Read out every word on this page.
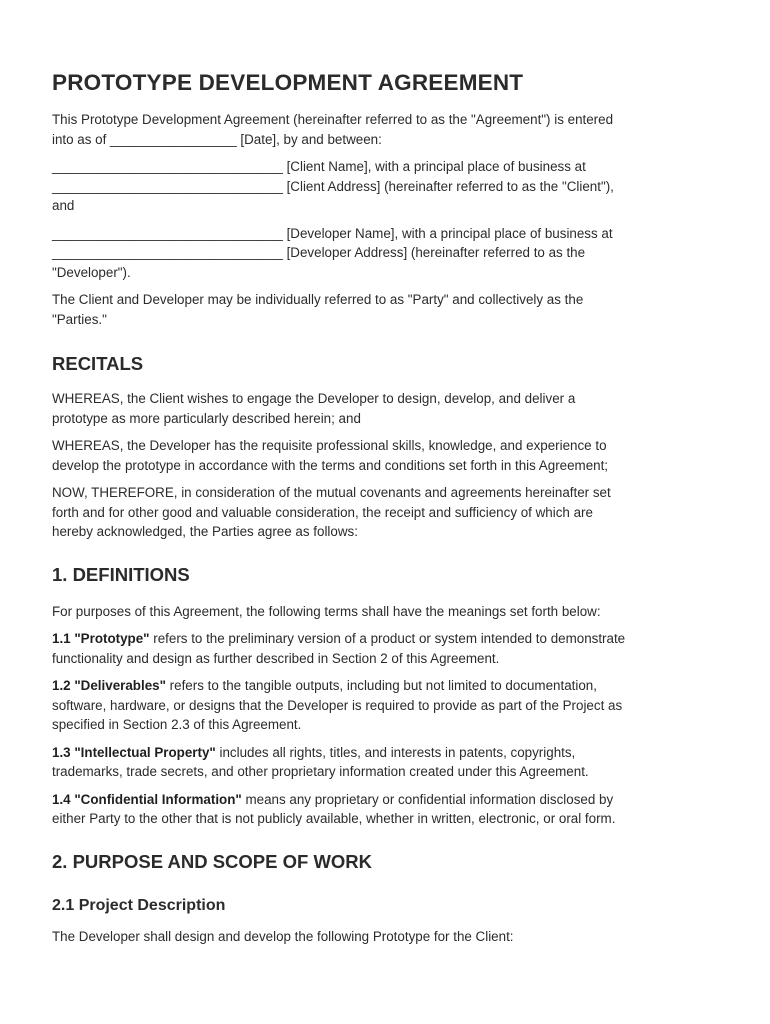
PROTOTYPE DEVELOPMENT AGREEMENT

This Prototype Development Agreement (hereinafter referred to as the "Agreement") is entered
into as of _________________ [Date], by and between:

_______________________________ [Client Name], with a principal place of business at
_______________________________ [Client Address] (hereinafter referred to as the "Client"),
and

_______________________________ [Developer Name], with a principal place of business at
_______________________________ [Developer Address] (hereinafter referred to as the
"Developer").

The Client and Developer may be individually referred to as "Party" and collectively as the
"Parties."

RECITALS

WHEREAS, the Client wishes to engage the Developer to design, develop, and deliver a
prototype as more particularly described herein; and

WHEREAS, the Developer has the requisite professional skills, knowledge, and experience to
develop the prototype in accordance with the terms and conditions set forth in this Agreement;

NOW, THEREFORE, in consideration of the mutual covenants and agreements hereinafter set
forth and for other good and valuable consideration, the receipt and sufficiency of which are
hereby acknowledged, the Parties agree as follows:

1. DEFINITIONS

For purposes of this Agreement, the following terms shall have the meanings set forth below:

1.1 "Prototype" refers to the preliminary version of a product or system intended to demonstrate
functionality and design as further described in Section 2 of this Agreement.

1.2 "Deliverables" refers to the tangible outputs, including but not limited to documentation,
software, hardware, or designs that the Developer is required to provide as part of the Project as
specified in Section 2.3 of this Agreement.

1.3 "Intellectual Property" includes all rights, titles, and interests in patents, copyrights,
trademarks, trade secrets, and other proprietary information created under this Agreement.

1.4 "Confidential Information" means any proprietary or confidential information disclosed by
either Party to the other that is not publicly available, whether in written, electronic, or oral form.

2. PURPOSE AND SCOPE OF WORK
2.1 Project Description

The Developer shall design and develop the following Prototype for the Client:
